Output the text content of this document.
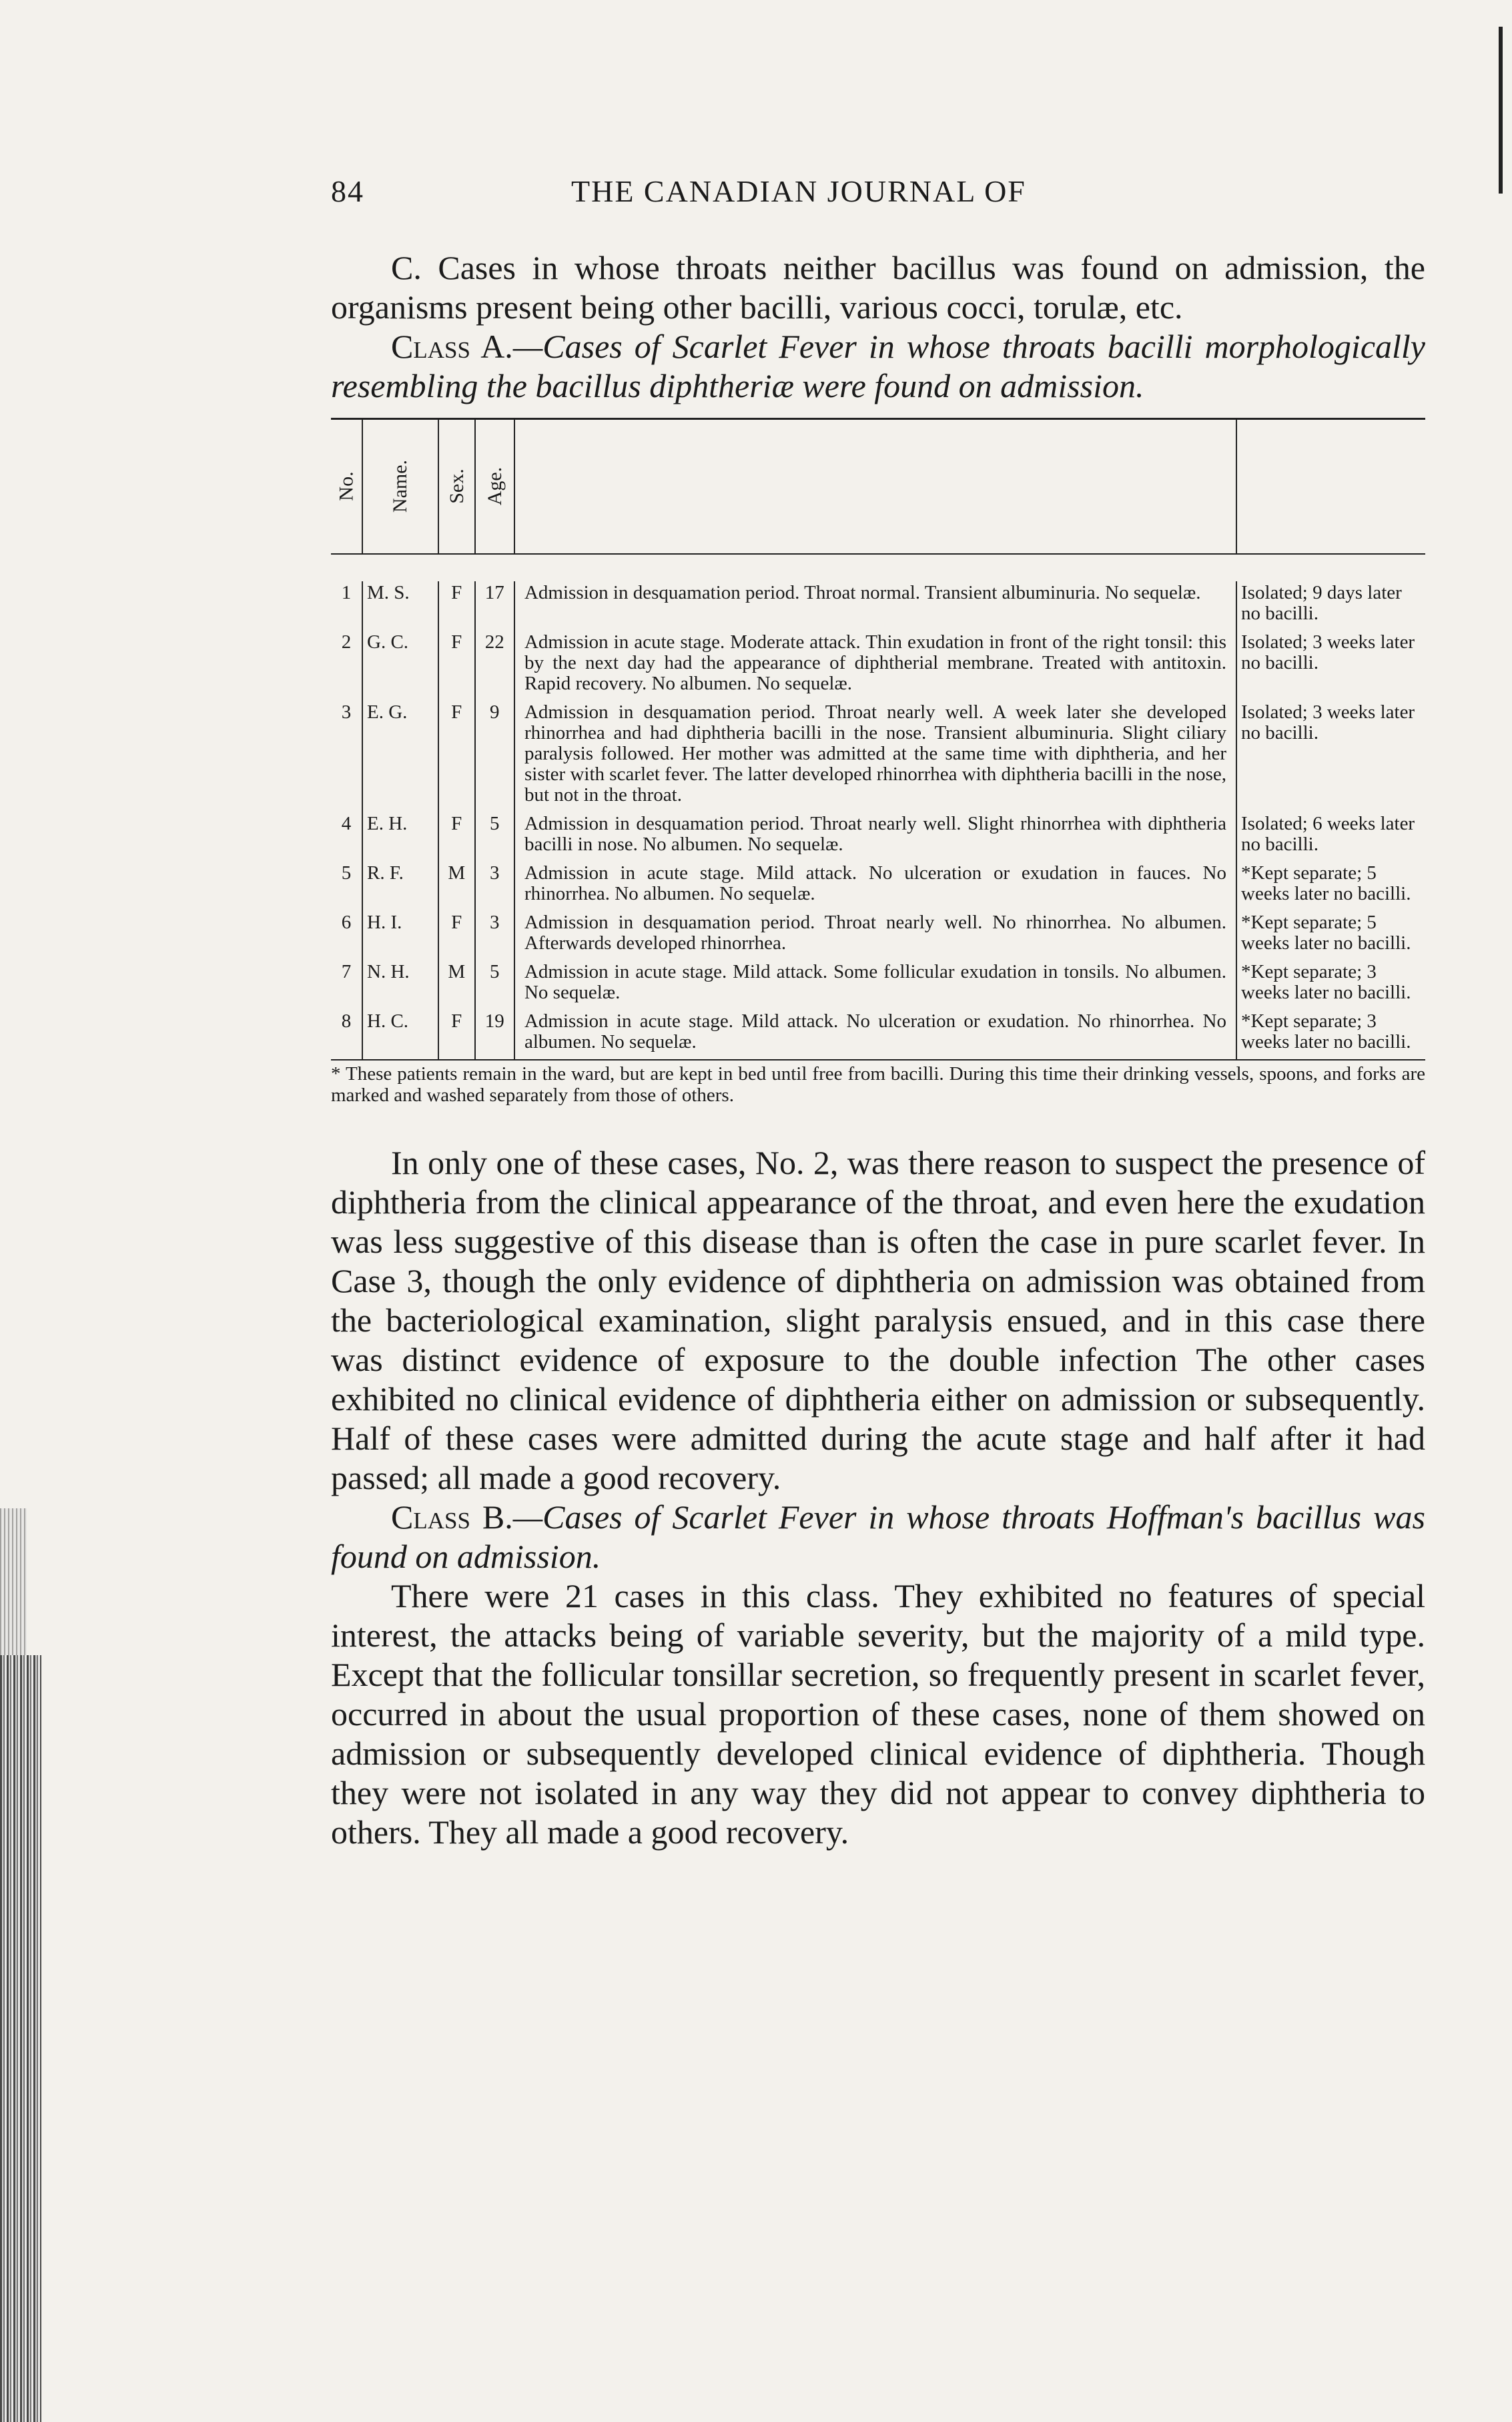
84	THE CANADIAN JOURNAL OF

C. Cases in whose throats neither bacillus was found on admission, the organisms present being other bacilli, various cocci, torulæ, etc.

Class A.—Cases of Scarlet Fever in whose throats bacilli morphologically resembling the bacillus diphtheriæ were found on admission.

No.	Name.	Sex.	Age.		

1	M. S.	F	17	Admission in desquamation period. Throat normal. Transient albuminuria. No sequelæ.	Isolated; 9 days later no bacilli.
2	G. C.	F	22	Admission in acute stage. Moderate attack. Thin exudation in front of the right tonsil: this by the next day had the appearance of diphtherial membrane. Treated with antitoxin. Rapid recovery. No albumen. No sequelæ.	Isolated; 3 weeks later no bacilli.
3	E. G.	F	9	Admission in desquamation period. Throat nearly well. A week later she developed rhinorrhea and had diphtheria bacilli in the nose. Transient albuminuria. Slight ciliary paralysis followed. Her mother was admitted at the same time with diphtheria, and her sister with scarlet fever. The latter developed rhinorrhea with diphtheria bacilli in the nose, but not in the throat.	Isolated; 3 weeks later no bacilli.
4	E. H.	F	5	Admission in desquamation period. Throat nearly well. Slight rhinorrhea with diphtheria bacilli in nose. No albumen. No sequelæ.	Isolated; 6 weeks later no bacilli.
5	R. F.	M	3	Admission in acute stage. Mild attack. No ulceration or exudation in fauces. No rhinorrhea. No albumen. No sequelæ.	*Kept separate; 5 weeks later no bacilli.
6	H. I.	F	3	Admission in desquamation period. Throat nearly well. No rhinorrhea. No albumen. Afterwards developed rhinorrhea.	*Kept separate; 5 weeks later no bacilli.
7	N. H.	M	5	Admission in acute stage. Mild attack. Some follicular exudation in tonsils. No albumen. No sequelæ.	*Kept separate; 3 weeks later no bacilli.
8	H. C.	F	19	Admission in acute stage. Mild attack. No ulceration or exudation. No rhinorrhea. No albumen. No sequelæ.	*Kept separate; 3 weeks later no bacilli.

* These patients remain in the ward, but are kept in bed until free from bacilli. During this time their drinking vessels, spoons, and forks are marked and washed separately from those of others.

In only one of these cases, No. 2, was there reason to suspect the presence of diphtheria from the clinical appearance of the throat, and even here the exudation was less suggestive of this disease than is often the case in pure scarlet fever. In Case 3, though the only evidence of diphtheria on admission was obtained from the bacteriological examination, slight paralysis ensued, and in this case there was distinct evidence of exposure to the double infection The other cases exhibited no clinical evidence of diphtheria either on admission or subsequently. Half of these cases were admitted during the acute stage and half after it had passed; all made a good recovery.

Class B.—Cases of Scarlet Fever in whose throats Hoffman's bacillus was found on admission.

There were 21 cases in this class. They exhibited no features of special interest, the attacks being of variable severity, but the majority of a mild type. Except that the follicular tonsillar secretion, so frequently present in scarlet fever, occurred in about the usual proportion of these cases, none of them showed on admission or subsequently developed clinical evidence of diphtheria. Though they were not isolated in any way they did not appear to convey diphtheria to others. They all made a good recovery.
